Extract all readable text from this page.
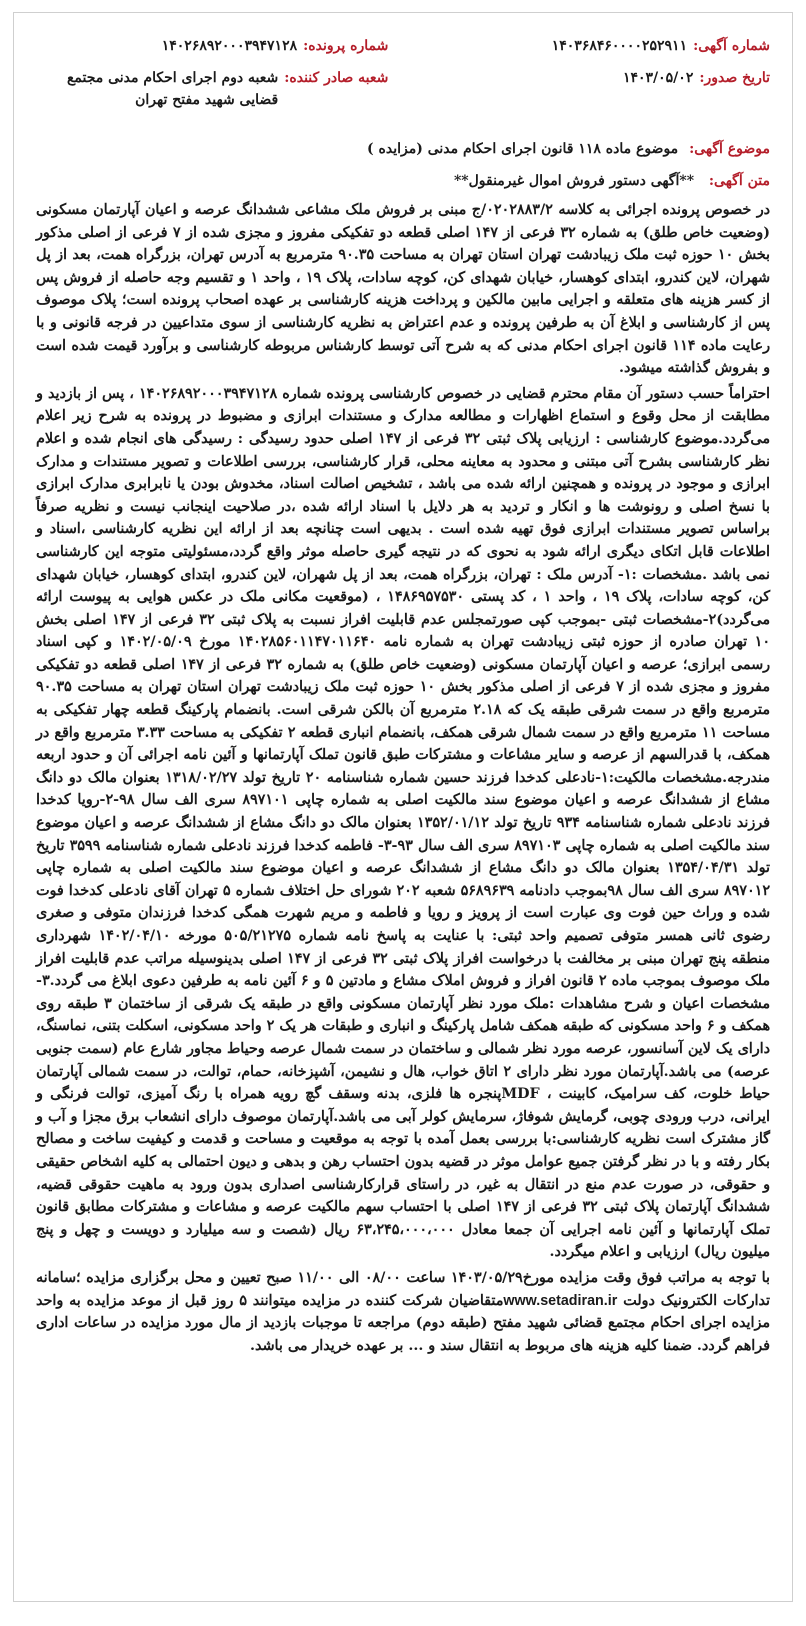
شماره آگهی:
۱۴۰۳۶۸۴۶۰۰۰۰۲۵۲۹۱۱
شماره پرونده:
۱۴۰۲۶۸۹۲۰۰۰۳۹۴۷۱۲۸
تاریخ صدور:
۱۴۰۳/۰۵/۰۲
شعبه صادر کننده:
شعبه دوم اجرای احکام مدنی مجتمع قضایی شهید مفتح تهران
موضوع آگهی: موضوع ماده ۱۱۸ قانون اجرای احکام مدنی (مزایده )
متن آگهی: **آگهی دستور فروش اموال غیرمنقول**

در خصوص پرونده اجرائی به کلاسه ۰۲۰۲۸۸۳/۲/ج مبنی بر فروش ملک مشاعی ششدانگ عرصه و اعیان آپارتمان مسکونی (وضعیت خاص طلق) به شماره ۳۲ فرعی از ۱۴۷ اصلی قطعه دو تفکیکی مفروز و مجزی شده از ۷ فرعی از اصلی مذکور بخش ۱۰ حوزه ثبت ملک زیبادشت تهران استان تهران به مساحت ۹۰.۳۵ مترمربع به آدرس تهران، بزرگراه همت، بعد از پل شهران، لاین کندرو، ابتدای کوهسار، خیابان شهدای کن، کوچه سادات، پلاک ۱۹ ، واحد ۱ و تقسیم وجه حاصله از فروش پس از کسر هزینه های متعلقه و اجرایی مابین مالکین و پرداخت هزینه کارشناسی بر عهده اصحاب پرونده است؛ پلاک موصوف پس از کارشناسی و ابلاغ آن به طرفین پرونده و عدم اعتراض به نظریه کارشناسی از سوی متداعیین در فرجه قانونی و با رعایت ماده ۱۱۴ قانون اجرای احکام مدنی که به شرح آتی توسط کارشناس مربوطه کارشناسی و برآورد قیمت شده است و بفروش گذاشته میشود.

احتراماً حسب دستور آن مقام محترم قضایی در خصوص کارشناسی پرونده شماره ۱۴۰۲۶۸۹۲۰۰۰۳۹۴۷۱۲۸ ، پس از بازدید و مطابقت از محل وقوع و استماع اظهارات و مطالعه مدارک و مستندات ابرازی و مضبوط در پرونده به شرح زیر اعلام می‌گردد.موضوع کارشناسی : ارزیابی پلاک ثبتی ۳۲ فرعی از ۱۴۷ اصلی حدود رسیدگی : رسیدگی های انجام شده و اعلام نظر کارشناسی بشرح آتی مبتنی و محدود به معاینه محلی، قرار کارشناسی، بررسی اطلاعات و تصویر مستندات و مدارک ابرازی و موجود در پرونده و همچنین ارائه شده می باشد ، تشخیص اصالت اسناد، مخدوش بودن یا نابرابری مدارک ابرازی با نسخ اصلی و رونوشت ها و انکار و تردید به هر دلایل با اسناد ارائه شده ،در صلاحیت اینجانب نیست و نظریه صرفاً براساس تصویر مستندات ابرازی فوق تهیه شده است . بدیهی است چنانچه بعد از ارائه این نظریه کارشناسی ،اسناد و اطلاعات قابل اتکای دیگری ارائه شود به نحوی که در نتیجه گیری حاصله موثر واقع گردد،مسئولیتی متوجه این کارشناسی نمی باشد .مشخصات :۱- آدرس ملک : تهران، بزرگراه همت، بعد از پل شهران، لاین کندرو، ابتدای کوهسار، خیابان شهدای کن، کوچه سادات، پلاک ۱۹ ، واحد ۱ ، کد پستی ۱۴۸۶۹۵۷۵۳۰ ، (موقعیت مکانی ملک در عکس هوایی به پیوست ارائه می‌گردد)۲-مشخصات ثبتی -بموجب کپی صورتمجلس عدم قابلیت افراز نسبت به پلاک ثبتی ۳۲ فرعی از ۱۴۷ اصلی بخش ۱۰ تهران صادره از حوزه ثبتی زیبادشت تهران به شماره نامه ۱۴۰۲۸۵۶۰۱۱۴۷۰۱۱۶۴۰ مورخ ۱۴۰۲/۰۵/۰۹ و کپی اسناد رسمی ابرازی؛ عرصه و اعیان آپارتمان مسکونی (وضعیت خاص طلق) به شماره ۳۲ فرعی از ۱۴۷ اصلی قطعه دو تفکیکی مفروز و مجزی شده از ۷ فرعی از اصلی مذکور بخش ۱۰ حوزه ثبت ملک زیبادشت تهران استان تهران به مساحت ۹۰.۳۵ مترمربع واقع در سمت شرقی طبقه یک که ۲.۱۸ مترمربع آن بالکن شرقی است. بانضمام پارکینگ قطعه چهار تفکیکی به مساحت ۱۱ مترمربع واقع در سمت شمال شرقی همکف، بانضمام انباری قطعه ۲ تفکیکی به مساحت ۳.۳۳ مترمربع واقع در همکف، با قدرالسهم از عرصه و سایر مشاعات و مشترکات طبق قانون تملک آپارتمانها و آئین نامه اجرائی آن و حدود اربعه مندرجه.مشخصات مالکیت:۱-نادعلی کدخدا فرزند حسین شماره شناسنامه ۲۰ تاریخ تولد ۱۳۱۸/۰۲/۲۷ بعنوان مالک دو دانگ مشاع از ششدانگ عرصه و اعیان موضوع سند مالکیت اصلی به شماره چاپی ۸۹۷۱۰۱ سری الف سال ۹۸-۲-رویا کدخدا فرزند نادعلی شماره شناسنامه ۹۳۴ تاریخ تولد ۱۳۵۲/۰۱/۱۲ بعنوان مالک دو دانگ مشاع از ششدانگ عرصه و اعیان موضوع سند مالکیت اصلی به شماره چاپی ۸۹۷۱۰۳ سری الف سال ۹۳-۳- فاطمه کدخدا فرزند نادعلی شماره شناسنامه ۳۵۹۹ تاریخ تولد ۱۳۵۴/۰۴/۳۱ بعنوان مالک دو دانگ مشاع از ششدانگ عرصه و اعیان موضوع سند مالکیت اصلی به شماره چاپی ۸۹۷۰۱۲ سری الف سال ۹۸بموجب دادنامه ۵۶۸۹۶۳۹ شعبه ۲۰۲ شورای حل اختلاف شماره ۵ تهران آقای نادعلی کدخدا فوت شده و وراث حین فوت وی عبارت است از پرویز و رویا و فاطمه و مریم شهرت همگی کدخدا فرزندان متوفی و صغری رضوی ثانی همسر متوفی تصمیم واحد ثبتی: با عنایت به پاسخ نامه شماره ۵۰۵/۲۱۲۷۵ مورخه ۱۴۰۲/۰۴/۱۰ شهرداری منطقه پنج تهران مبنی بر مخالفت با درخواست افراز پلاک ثبتی ۳۲ فرعی از ۱۴۷ اصلی بدینوسیله مراتب عدم قابلیت افراز ملک موصوف بموجب ماده ۲ قانون افراز و فروش املاک مشاع و مادتین ۵ و ۶ آئین نامه به طرفین دعوی ابلاغ می گردد.۳-مشخصات اعیان و شرح مشاهدات :ملک مورد نظر آپارتمان مسکونی واقع در طبقه یک شرقی از ساختمان ۳ طبقه روی همکف و ۶ واحد مسکونی که طبقه همکف شامل پارکینگ و انباری و طبقات هر یک ۲ واحد مسکونی، اسکلت بتنی، نماسنگ، دارای یک لاین آسانسور، عرصه مورد نظر شمالی و ساختمان در سمت شمال عرصه وحیاط مجاور شارع عام (سمت جنوبی عرصه) می باشد.آپارتمان مورد نظر دارای ۲ اتاق خواب، هال و نشیمن، آشپزخانه، حمام، توالت، در سمت شمالی آپارتمان حیاط خلوت، کف سرامیک، کابینت ، MDFپنجره ها فلزی، بدنه وسقف گچ رویه همراه با رنگ آمیزی، توالت فرنگی و ایرانی، درب ورودی چوبی، گرمایش شوفاژ، سرمایش کولر آبی می باشد.آپارتمان موصوف دارای انشعاب برق مجزا و آب و گاز مشترک است نظریه کارشناسی:با بررسی بعمل آمده با توجه به موقعیت و مساحت و قدمت و کیفیت ساخت و مصالح بکار رفته و با در نظر گرفتن جمیع عوامل موثر در قضیه بدون احتساب رهن و بدهی و دیون احتمالی به کلیه اشخاص حقیقی و حقوقی، در صورت عدم منع در انتقال به غیر، در راستای قرارکارشناسی اصداری بدون ورود به ماهیت حقوقی قضیه، ششدانگ آپارتمان پلاک ثبتی ۳۲ فرعی از ۱۴۷ اصلی با احتساب سهم مالکیت عرصه و مشاعات و مشترکات مطابق قانون تملک آپارتمانها و آئین نامه اجرایی آن جمعا معادل ۶۳،۲۴۵،۰۰۰،۰۰۰ ریال (شصت و سه میلیارد و دویست و چهل و پنج میلیون ریال) ارزیابی و اعلام میگردد.

با توجه به مراتب فوق وقت مزایده مورخ۱۴۰۳/۰۵/۲۹ ساعت ۰۸/۰۰ الی ۱۱/۰۰ صبح تعیین و محل برگزاری مزایده ؛سامانه تدارکات الکترونیک دولت www.setadiran.irمتقاضیان شرکت کننده در مزایده میتوانند ۵ روز قبل از موعد مزایده به واحد مزایده اجرای احکام مجتمع قضائی شهید مفتح (طبقه دوم) مراجعه تا موجبات بازدید از مال مورد مزایده در ساعات اداری فراهم گردد. ضمنا کلیه هزینه های مربوط به انتقال سند و ... بر عهده خریدار می باشد.
